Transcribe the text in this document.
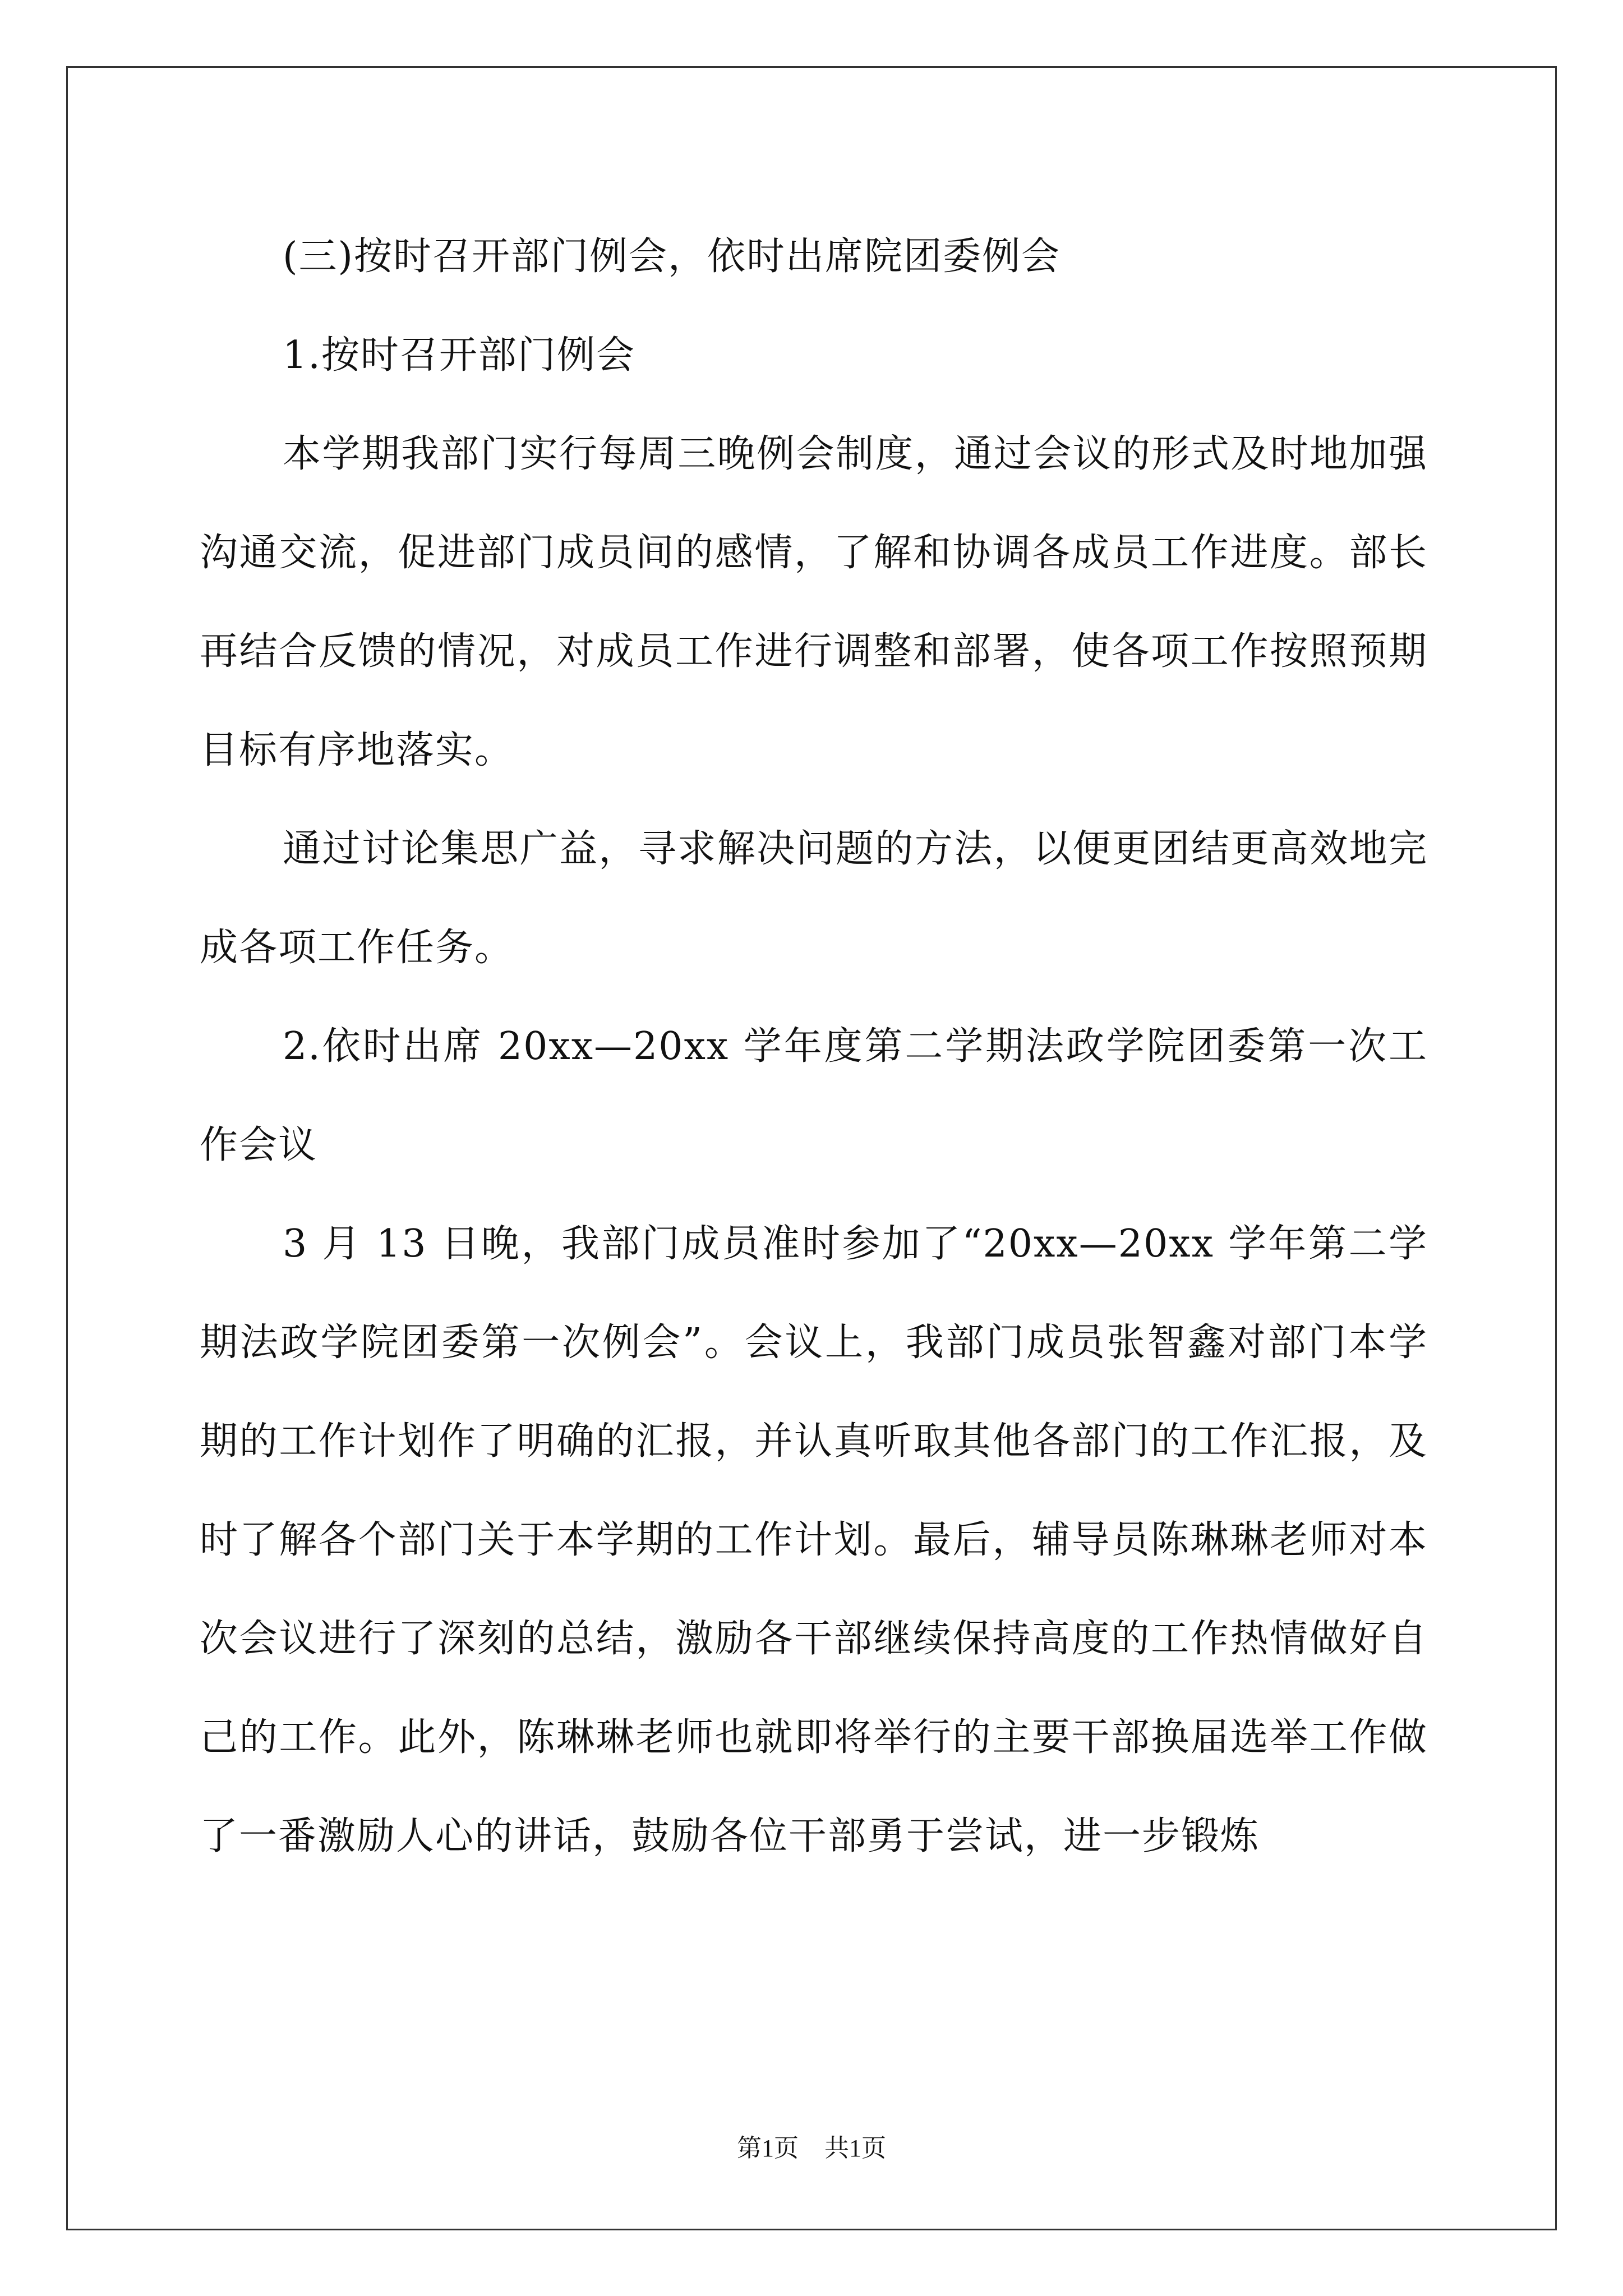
(三)按时召开部门例会，依时出席院团委例会

1.按时召开部门例会

本学期我部门实行每周三晚例会制度，通过会议的形式及时地加强沟通交流，促进部门成员间的感情，了解和协调各成员工作进度。部长再结合反馈的情况，对成员工作进行调整和部署，使各项工作按照预期目标有序地落实。

通过讨论集思广益，寻求解决问题的方法，以便更团结更高效地完成各项工作任务。

2.依时出席 20xx—20xx 学年度第二学期法政学院团委第一次工作会议

3 月 13 日晚，我部门成员准时参加了“20xx—20xx 学年第二学期法政学院团委第一次例会”。会议上，我部门成员张智鑫对部门本学期的工作计划作了明确的汇报，并认真听取其他各部门的工作汇报，及时了解各个部门关于本学期的工作计划。最后，辅导员陈琳琳老师对本次会议进行了深刻的总结，激励各干部继续保持高度的工作热情做好自己的工作。此外，陈琳琳老师也就即将举行的主要干部换届选举工作做了一番激励人心的讲话，鼓励各位干部勇于尝试，进一步锻炼

第1页 共1页
